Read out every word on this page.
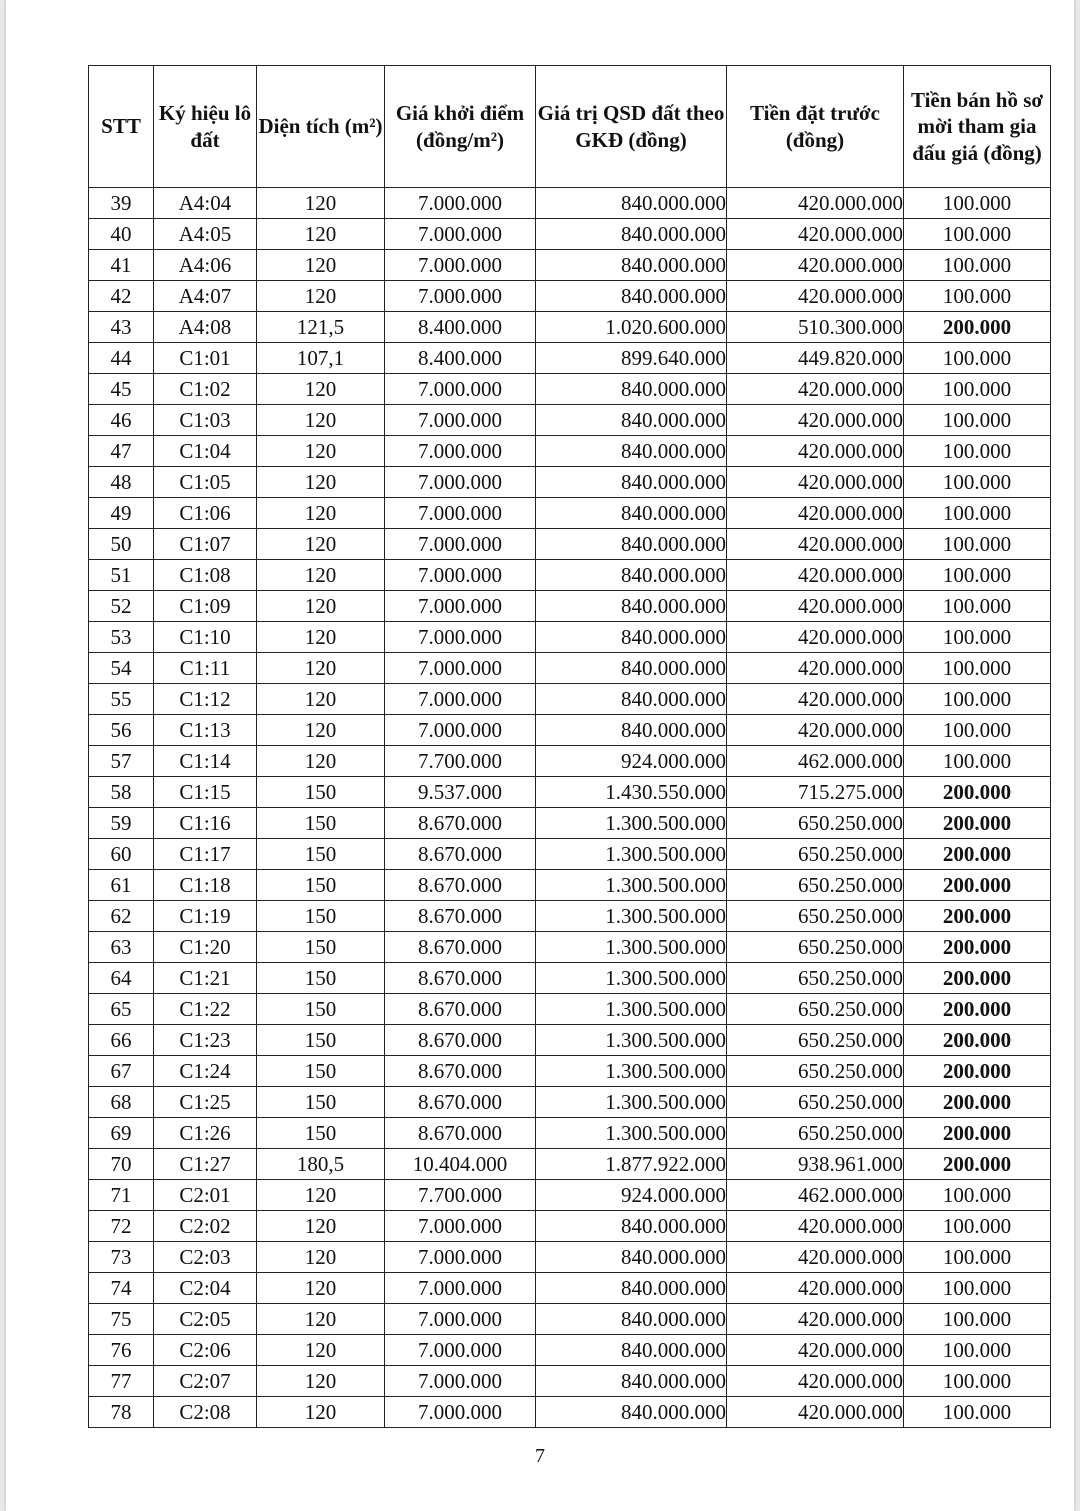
STT	Ký hiệu lô đất	Diện tích (m²)	Giá khởi điểm (đồng/m²)	Giá trị QSD đất theo GKĐ (đồng)	Tiền đặt trước (đồng)	Tiền bán hồ sơ mời tham gia đấu giá (đồng)
39	A4:04	120	7.000.000	840.000.000	420.000.000	100.000
40	A4:05	120	7.000.000	840.000.000	420.000.000	100.000
41	A4:06	120	7.000.000	840.000.000	420.000.000	100.000
42	A4:07	120	7.000.000	840.000.000	420.000.000	100.000
43	A4:08	121,5	8.400.000	1.020.600.000	510.300.000	200.000
44	C1:01	107,1	8.400.000	899.640.000	449.820.000	100.000
45	C1:02	120	7.000.000	840.000.000	420.000.000	100.000
46	C1:03	120	7.000.000	840.000.000	420.000.000	100.000
47	C1:04	120	7.000.000	840.000.000	420.000.000	100.000
48	C1:05	120	7.000.000	840.000.000	420.000.000	100.000
49	C1:06	120	7.000.000	840.000.000	420.000.000	100.000
50	C1:07	120	7.000.000	840.000.000	420.000.000	100.000
51	C1:08	120	7.000.000	840.000.000	420.000.000	100.000
52	C1:09	120	7.000.000	840.000.000	420.000.000	100.000
53	C1:10	120	7.000.000	840.000.000	420.000.000	100.000
54	C1:11	120	7.000.000	840.000.000	420.000.000	100.000
55	C1:12	120	7.000.000	840.000.000	420.000.000	100.000
56	C1:13	120	7.000.000	840.000.000	420.000.000	100.000
57	C1:14	120	7.700.000	924.000.000	462.000.000	100.000
58	C1:15	150	9.537.000	1.430.550.000	715.275.000	200.000
59	C1:16	150	8.670.000	1.300.500.000	650.250.000	200.000
60	C1:17	150	8.670.000	1.300.500.000	650.250.000	200.000
61	C1:18	150	8.670.000	1.300.500.000	650.250.000	200.000
62	C1:19	150	8.670.000	1.300.500.000	650.250.000	200.000
63	C1:20	150	8.670.000	1.300.500.000	650.250.000	200.000
64	C1:21	150	8.670.000	1.300.500.000	650.250.000	200.000
65	C1:22	150	8.670.000	1.300.500.000	650.250.000	200.000
66	C1:23	150	8.670.000	1.300.500.000	650.250.000	200.000
67	C1:24	150	8.670.000	1.300.500.000	650.250.000	200.000
68	C1:25	150	8.670.000	1.300.500.000	650.250.000	200.000
69	C1:26	150	8.670.000	1.300.500.000	650.250.000	200.000
70	C1:27	180,5	10.404.000	1.877.922.000	938.961.000	200.000
71	C2:01	120	7.700.000	924.000.000	462.000.000	100.000
72	C2:02	120	7.000.000	840.000.000	420.000.000	100.000
73	C2:03	120	7.000.000	840.000.000	420.000.000	100.000
74	C2:04	120	7.000.000	840.000.000	420.000.000	100.000
75	C2:05	120	7.000.000	840.000.000	420.000.000	100.000
76	C2:06	120	7.000.000	840.000.000	420.000.000	100.000
77	C2:07	120	7.000.000	840.000.000	420.000.000	100.000
78	C2:08	120	7.000.000	840.000.000	420.000.000	100.000
7
